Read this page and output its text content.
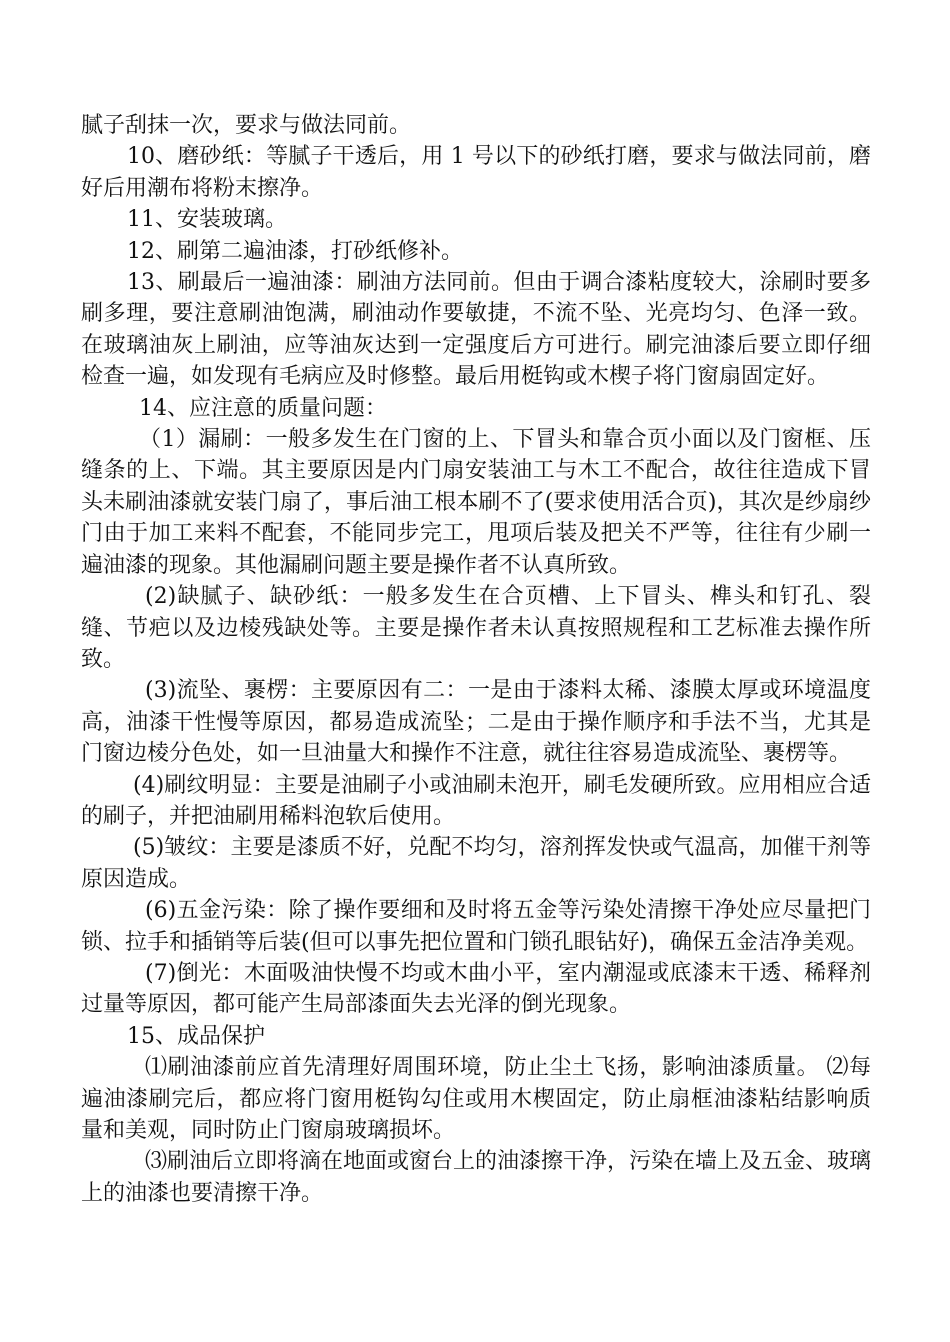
腻子刮抹一次，要求与做法同前。

10、磨砂纸：等腻子干透后，用 1 号以下的砂纸打磨，要求与做法同前，磨好后用潮布将粉末擦净。

11、安装玻璃。

12、刷第二遍油漆，打砂纸修补。

13、刷最后一遍油漆：刷油方法同前。但由于调合漆粘度较大，涂刷时要多刷多理，要注意刷油饱满，刷油动作要敏捷，不流不坠、光亮均匀、色泽一致。在玻璃油灰上刷油，应等油灰达到一定强度后方可进行。刷完油漆后要立即仔细检查一遍，如发现有毛病应及时修整。最后用梃钩或木楔子将门窗扇固定好。

14、应注意的质量问题：

（1）漏刷：一般多发生在门窗的上、下冒头和靠合页小面以及门窗框、压缝条的上、下端。其主要原因是内门扇安装油工与木工不配合，故往往造成下冒头未刷油漆就安装门扇了，事后油工根本刷不了(要求使用活合页)，其次是纱扇纱门由于加工来料不配套，不能同步完工，甩项后装及把关不严等，往往有少刷一遍油漆的现象。其他漏刷问题主要是操作者不认真所致。

(2)缺腻子、缺砂纸：一般多发生在合页槽、上下冒头、榫头和钉孔、裂缝、节疤以及边棱残缺处等。主要是操作者未认真按照规程和工艺标准去操作所致。

(3)流坠、裹楞：主要原因有二：一是由于漆料太稀、漆膜太厚或环境温度高，油漆干性慢等原因，都易造成流坠；二是由于操作顺序和手法不当，尤其是门窗边棱分色处，如一旦油量大和操作不注意，就往往容易造成流坠、裹楞等。

(4)刷纹明显：主要是油刷子小或油刷未泡开，刷毛发硬所致。应用相应合适的刷子，并把油刷用稀料泡软后使用。

(5)皱纹：主要是漆质不好，兑配不均匀，溶剂挥发快或气温高，加催干剂等原因造成。

(6)五金污染：除了操作要细和及时将五金等污染处清擦干净处应尽量把门锁、拉手和插销等后装(但可以事先把位置和门锁孔眼钻好)，确保五金洁净美观。

(7)倒光：木面吸油快慢不均或木曲小平，室内潮湿或底漆末干透、稀释剂过量等原因，都可能产生局部漆面失去光泽的倒光现象。

15、成品保护

⑴刷油漆前应首先清理好周围环境，防止尘土飞扬，影响油漆质量。 ⑵每遍油漆刷完后，都应将门窗用梃钩勾住或用木楔固定，防止扇框油漆粘结影响质量和美观，同时防止门窗扇玻璃损坏。

⑶刷油后立即将滴在地面或窗台上的油漆擦干净，污染在墙上及五金、玻璃上的油漆也要清擦干净。
